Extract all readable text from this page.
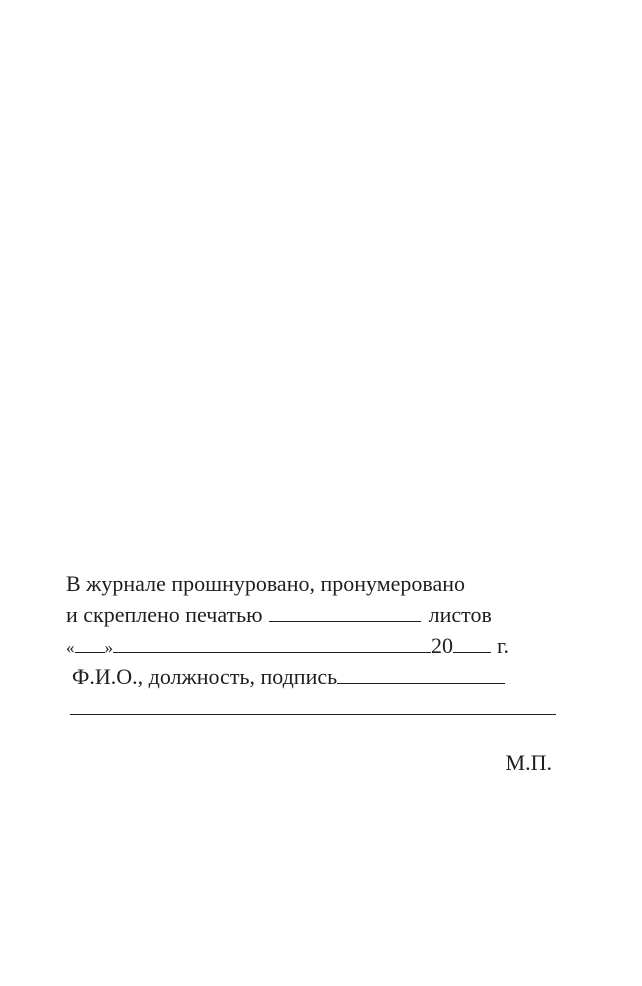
В журнале прошнуровано, пронумеровано
и скреплено печатью	листов
« »	20 г.
Ф.И.О., должность, подпись
М.П.
